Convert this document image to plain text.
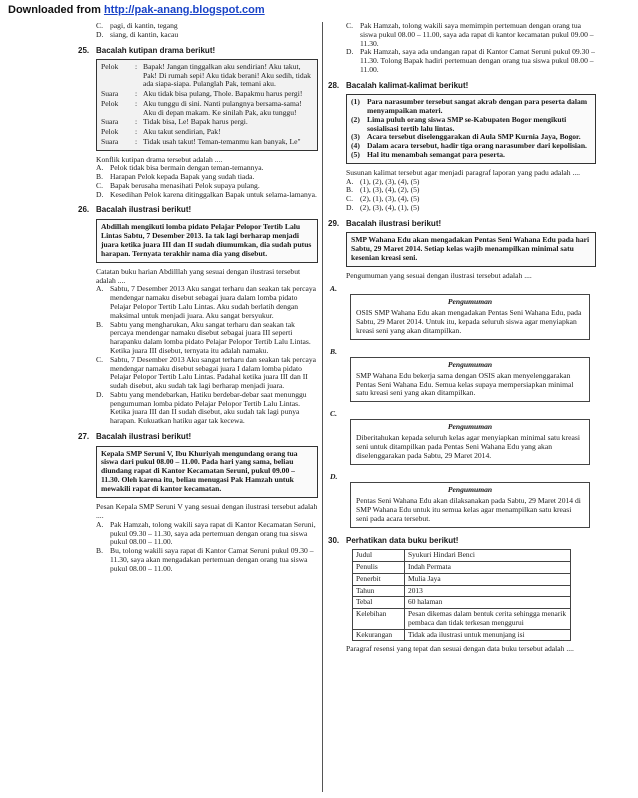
Downloaded from http://pak-anang.blogspot.com
C. pagi, di kantin, tegang
D. siang, di kantin, kacau
25. Bacalah kutipan drama berikut!
Pelok	: Bapak! Jangan tinggalkan aku sendirian! Aku takut, Pak! Di rumah sepi! Aku tidak berani! Aku sedih, tidak ada siapa-siapa. Pulanglah Pak, temani aku.
Suara	: Aku tidak bisa pulang, Thole. Bapakmu harus pergi!
Pelok	: Aku tunggu di sini. Nanti pulangnya bersama-sama! Aku di depan makam. Ke sinilah Pak, aku tunggu!
Suara	: Tidak bisa, Le! Bapak harus pergi.
Pelok	: Aku takut sendirian, Pak!
Suara	: Tidak usah takut! Teman-temanmu kan banyak, Le"
Konflik kutipan drama tersebut adalah ....
A. Pelok tidak bisa bermain dengan teman-temannya.
B. Harapan Pelok kepada Bapak yang sudah tiada.
C. Bapak berusaha menasihati Pelok supaya pulang.
D. Kesedihan Pelok karena ditinggalkan Bapak untuk selama-lamanya.
26. Bacalah ilustrasi berikut!
Abdillah mengikuti lomba pidato Pelajar Pelopor Tertib Lalu Lintas Sabtu, 7 Desember 2013. Ia tak lagi berharap menjadi juara ketika juara III dan II sudah diumumkan, dia sudah putus harapan. Ternyata terakhir nama dia yang disebut.
Catatan buku harian Abdilllah yang sesuai dengan ilustrasi tersebut adalah ....
A. Sabtu, 7 Desember 2013 Aku sangat terharu dan seakan tak percaya mendengar namaku disebut sebagai juara dalam lomba pidato Pelajar Pelopor Tertib Lalu Lintas. Aku sudah berlatih dengan maksimal untuk menjadi juara. Aku sangat bersyukur.
B. Sabtu yang mengharukan, Aku sangat terharu dan seakan tak percaya mendengar namaku disebut sebagai juara III seperti harapanku dalam lomba pidato Pelajar Pelopor Tertib Lalu Lintas. Ketika juara III disebut, ternyata itu adalah namaku.
C. Sabtu, 7 Desember 2013 Aku sangat terharu dan seakan tak percaya mendengar namaku disebut sebagai juara I dalam lomba pidato Pelajar Pelopor Tertib Lalu Lintas. Padahal ketika juara III dan II sudah disebut, aku sudah tak lagi berharap menjadi juara.
D. Sabtu yang mendebarkan, Hatiku berdebar-debar saat menunggu pengumuman lomba pidato Pelajar Pelopor Tertib Lalu Lintas. Ketika juara III dan II sudah disebut, aku sudah tak lagi punya harapan. Kukuatkan hatiku agar tak kecewa.
27. Bacalah ilustrasi berikut!
Kepala SMP Seruni V, Ibu Khuriyah mengundang orang tua siswa dari pukul 08.00 – 11.00. Pada hari yang sama, beliau diundang rapat di Kantor Kecamatan Seruni, pukul 09.00 – 11.30. Oleh karena itu, beliau menugasi Pak Hamzah untuk mewakili rapat di kantor kecamatan.
Pesan Kepala SMP Seruni V yang sesuai dengan ilustrasi tersebut adalah ....
A. Pak Hamzah, tolong wakili saya rapat di Kantor Kecamatan Seruni, pukul 09.30 – 11.30, saya ada pertemuan dengan orang tua siswa pukul 08.00 – 11.00.
B. Bu, tolong wakili saya rapat di Kantor Camat Seruni pukul 09.30 – 11.30, saya akan mengadakan pertemuan dengan orang tua siswa pukul 08.00 – 11.00.
C. Pak Hamzah, tolong wakili saya memimpin pertemuan dengan orang tua siswa pukul 08.00 – 11.00, saya ada rapat di kantor kecamatan pukul 09.00 – 11.30.
D. Pak Hamzah, saya ada undangan rapat di Kantor Camat Seruni pukul 09.30 – 11.30. Tolong Bapak hadiri pertemuan dengan orang tua siswa pukul 08.00 – 11.00.
28. Bacalah kalimat-kalimat berikut!
(1) Para narasumber tersebut sangat akrab dengan para peserta dalam menyampaikan materi.
(2) Lima puluh orang siswa SMP se-Kabupaten Bogor mengikuti sosialisasi tertib lalu lintas.
(3) Acara tersebut diselenggarakan di Aula SMP Kurnia Jaya, Bogor.
(4) Dalam acara tersebut, hadir tiga orang narasumber dari kepolisian.
(5) Hal itu menambah semangat para peserta.
Susunan kalimat tersebut agar menjadi paragraf laporan yang padu adalah ....
A. (1), (2), (3), (4), (5)
B. (1), (3), (4), (2), (5)
C. (2), (1), (3), (4), (5)
D. (2), (3), (4), (1), (5)
29. Bacalah ilustrasi berikut!
SMP Wahana Edu akan mengadakan Pentas Seni Wahana Edu pada hari Sabtu, 29 Maret 2014. Setiap kelas wajib menampilkan minimal satu kesenian kreasi seni.
Pengumuman yang sesuai dengan ilustrasi tersebut adalah ....
A.
Pengumuman
OSIS SMP Wahana Edu akan mengadakan Pentas Seni Wahana Edu, pada Sabtu, 29 Maret 2014. Untuk itu, kepada seluruh siswa agar menyiapkan kreasi seni yang akan ditampilkan.
B.
Pengumuman
SMP Wahana Edu bekerja sama dengan OSIS akan menyelenggarakan Pentas Seni Wahana Edu. Semua kelas supaya mempersiapkan minimal satu kreasi seni yang akan ditampilkan.
C.
Pengumuman
Diberitahukan kepada seluruh kelas agar menyiapkan minimal satu kreasi seni untuk ditampilkan pada Pentas Seni Wahana Edu yang akan diselenggarakan pada Sabtu, 29 Maret 2014.
D.
Pengumuman
Pentas Seni Wahana Edu akan dilaksanakan pada Sabtu, 29 Maret 2014 di SMP Wahana Edu untuk itu semua kelas agar menampilkan satu kreasi seni pada acara tersebut.
30. Perhatikan data buku berikut!
Judul	Syukuri Hindari Benci
Penulis	Indah Permata
Penerbit	Mulia Jaya
Tahun	2013
Tebal	60 halaman
Kelebihan	Pesan dikemas dalam bentuk cerita sehingga menarik pembaca dan tidak terkesan menggurui
Kekurangan	Tidak ada ilustrasi untuk menunjang isi
Paragraf resensi yang tepat dan sesuai dengan data buku tersebut adalah ....
